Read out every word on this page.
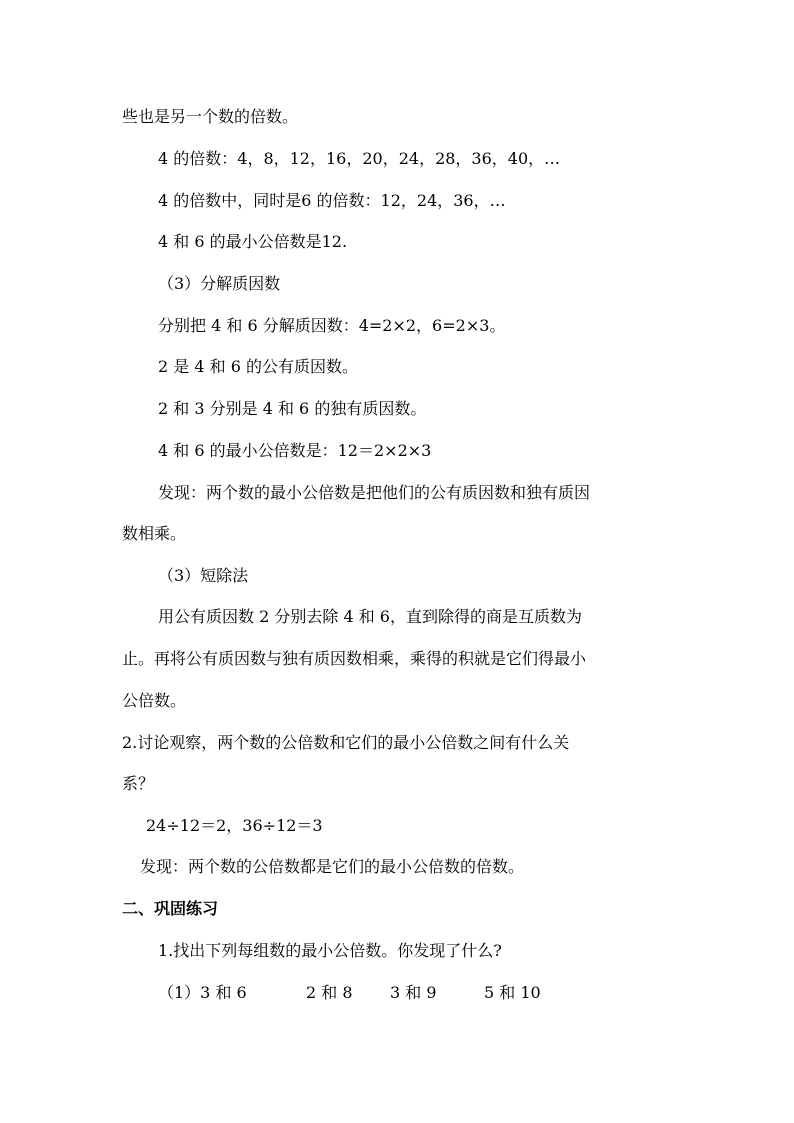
些也是另一个数的倍数。
4 的倍数：4，8，12，16，20，24，28，36，40，…
4 的倍数中，同时是6 的倍数：12，24，36，…
4 和 6 的最小公倍数是12.
（3）分解质因数
分别把 4 和 6 分解质因数：4=2×2，6=2×3。
2 是 4 和 6 的公有质因数。
2 和 3 分别是 4 和 6 的独有质因数。
4 和 6 的最小公倍数是：12＝2×2×3
发现：两个数的最小公倍数是把他们的公有质因数和独有质因
数相乘。
（3）短除法
用公有质因数 2 分别去除 4 和 6，直到除得的商是互质数为
止。再将公有质因数与独有质因数相乘，乘得的积就是它们得最小
公倍数。
2.讨论观察，两个数的公倍数和它们的最小公倍数之间有什么关
系？
24÷12＝2，36÷12＝3
发现：两个数的公倍数都是它们的最小公倍数的倍数。
二、巩固练习
1.找出下列每组数的最小公倍数。你发现了什么?
（1）3 和 6	2 和 8 3 和 9	5 和 10
